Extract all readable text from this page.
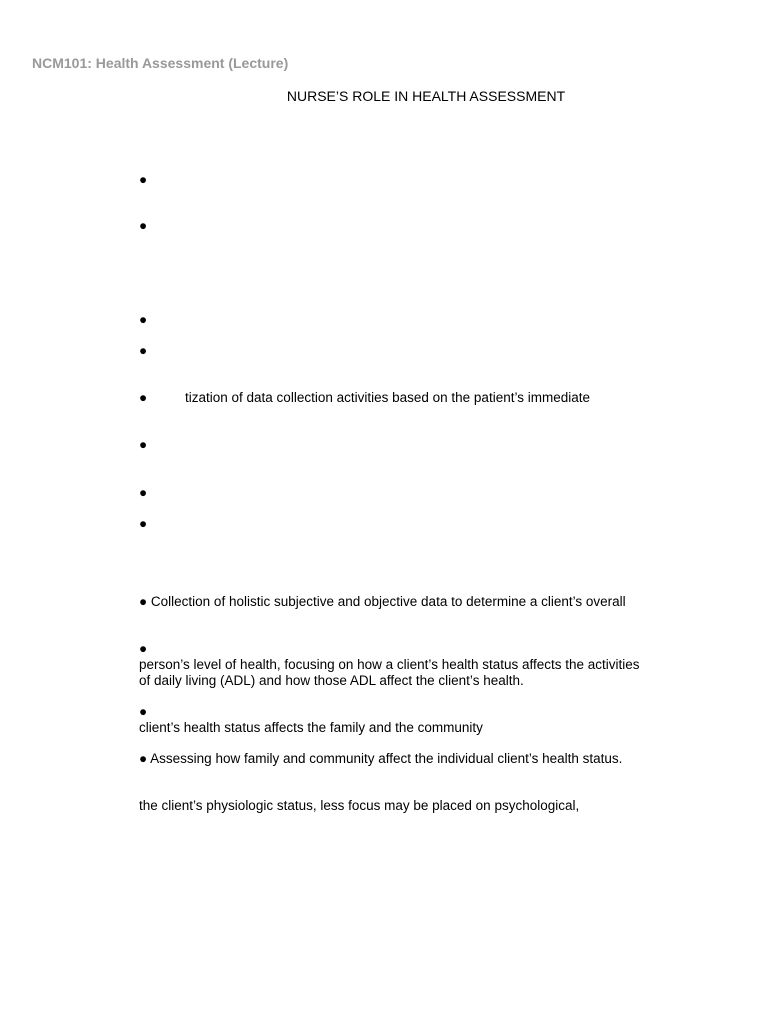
NCM101: Health Assessment (Lecture)
NURSE’S ROLE IN HEALTH ASSESSMENT
●
●
●
●
●	tization of data collection activities based on the patient’s immediate
●
●
●
● Collection of holistic subjective and objective data to determine a client’s overall
●
person’s level of health, focusing on how a client’s health status affects the activities
of daily living (ADL) and how those ADL affect the client’s health.
●
client’s health status affects the family and the community
● Assessing how family and community affect the individual client’s health status.
the client’s physiologic status, less focus may be placed on psychological,
